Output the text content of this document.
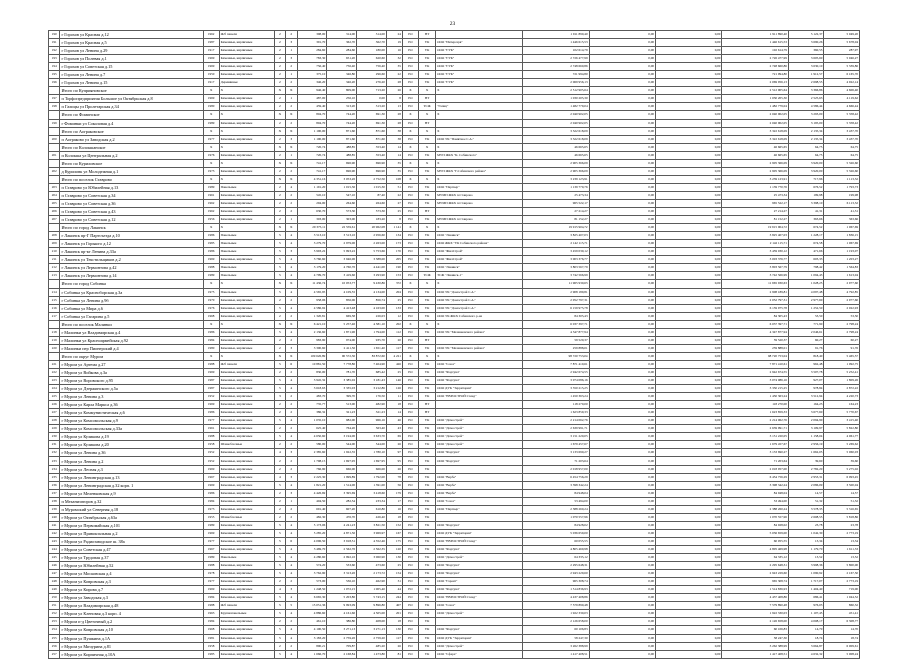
23
190	г Горохов ул Красная д.12	1962	Ж/б панели	2	2	398,00	314,00	314,00	24	РО	НТ		1 911 890,40	0,00	0,00	1 911 890,40	5 122,37	5 049,20
191	г Горохов ул Красная д.5	1987	Каменные, кирпичные	2	3	391,70	362,70	362,70	19	РО	УК	ООО "Интерсерв"	1 446 615,53	0,00	0,00	1 446 615,53	3 690,26	5 678,04
192	г Горохов ул Ленина д.29	1917	Каменные, кирпичные	2	1	284,60	284,60	180,00	16	РО	УК	ООО "ГУК"	102 614,79	0,00	0,00	102 614,79	360,55	287,97
193	г Горохов ул Полевая д.1	1969	Каменные, кирпичные	2	3	783,30	651,20	620,60	32	РО	УК	ООО "ГУК"	2 726 477,99	0,00	0,00	2 726 477,99	3 605,60	5 046,27
194	г Горохов ул Советская д.15	1969	Каменные, кирпичные	2	2	756,40	756,40	756,40	35	РО	УК	ООО "ГУК"	2 748 660,86	0,00	0,00	2 748 660,86	3 630,10	5 339,86
195	г Горохов ул Ленина д.7	1950	Каменные, кирпичные	2	1	375,10	346,80	296,60	22	РО	УК	ООО "ГУК"	721 994,80	0,00	0,00	721 994,80	1 912,57	6 165,70
196	г Горохов ул Ленина д.15	1917	Деревянные	2	2	346,20	346,20	276,20	28	РО	УК	ООО "ГУК"	2 069 956,13	0,00	0,00	2 069 956,13	2 698,55	4 922,14
	Итого по Куприяновское	Х	Х	Х	Х	946,40	809,00	713,20	26	Х	Х	Х	2 512 905,64	0,00	0,00	2 512 905,64	3 366,86	4 606,40
197	п Торфопредприятия Большое ул Октябрьская д.8	1969	Каменные, кирпичные	2	1	487,00	256,10	0,00	8	РО	НТ		1 030 205,30	0,00	0,00	1 030 205,30	2 525,63	4 119,62
198	п Галицы ул Пролетарская д.34	1980	Каменные, кирпичные	2	2	459,40	313,20	313,20	13	РО	ТСЖ	"Галиц"	1 482 779,04	0,00	0,00	1 482 779,04	4 586,44	4 666,44
	Итого по Фоминское	Х	Х	Х	Х	804,70	744,20	691,30	28	Х	Х	Х	2 040 902,05	0,00	0,00	2 040 902,05	3 293,00	5 358,42
199	г Фоминки ул Соколовая д.4	1989	Каменные, кирпичные	2	2	804,70	744,20	691,30	28	РО	НТ		2 040 902,05	0,00	0,00	2 040 902,05	3 195,00	5 358,42
	Итого по Аограковское	Х	Х	Х	Х	1 190,00	871,60	871,60	38	Х	Х	Х	3 322 618,09	0,00	0,00	3 322 618,09	2 135,34	3 437,70
200	п Аограково ул Заводская д.2	1977	Каменные, кирпичные	2	3	1 190,00	871,60	871,60	38	РО	УК	ООО УК "Памятное С.А."	3 322 618,09	0,00	0,00	3 322 618,09	2 135,34	3 437,70
	Итого по Колокшанское	Х	Х	Х	Х	720,74	488,85	353,40	14	Х	Х	Х	46 665,65	0,00	0,00	46 665,65	64,75	64,75
201	п Колокша ул Центральная д.2	1976	Каменные, кирпичные	2	1	720,74	488,85	353,40	14	РО	УК	МУП ЖКХ "К. Собинского"	46 665,65	0,00	0,00	46 665,65	64,75	64,75
	Итого по Куриловское	Х	Х	Х	Х	741,17	696,90	696,90	35	Х	Х	Х	2 905 366,09	0,00	0,00	2 905 366,09	3 920,00	5 326,60
202	д Куриловк ул Молодежная д.1	1973	Каменные, кирпичные	2	2	741,17	696,90	696,90	35	РО	УК	МУП ЖКХ "Г.Собинского района"	2 905 366,09	0,00	0,00	2 905 366,09	3 920,00	5 326,60
	Итого по поселок Ставрово	Х	Х	Х	Х	4 351,16	3 053,20	2 752,50	108	Х	Х	Х	3 239 123,91	0,00	0,00	3 239 123,91	717,96	1 113,32
203	п Ставрово ул Юбилейная д.13	1989	Панельные	2	4	1 191,20	1 015,30	1 015,30	51	РО	УК	ООО "Партнер"	1 139 770,76	0,00	0,00	1 139 770,76	676,52	1 793,73
204	п Ставрово ул Советская д.34	1961	Каменные, кирпичные	2	2	545,10	547,10	87,40	22	РО	УК	МУМП ЖКХ п.Ставрово	25 473,34	0,00	0,00	25 473,34	199,98	199,98
205	п Ставрово ул Советская д.36	1962	Каменные, кирпичные	2	2	294,00	264,60	264,60	27	РО	УК	МУМП ЖКХ п.Ставрово	965 522,17	0,00	0,00	965 522,17	3 398,10	6 113,32
206	п Ставрово ул Советская д.43	1962	Каменные, кирпичные	2	2	630,70	573,30	573,30	25	РО	НТ		27 214,27	0,00	0,00	27 214,27	41,31	41,31
207	п Ставрово ул Советская д.12	1956	Каменные, кирпичные	2	1	303,00	303,00	183,20	8	РО	УК	МУМП ЖКХ п.Ставрово	81 152,27	0,00	0,00	81 152,27	363,66	363,66
	Итого по город Лакинск	Х	Х	Х	Х	29 375,11	22 559,61	20 962,08	1 141	Х	Х	Х	19 915 904,72	0,00	0,00	19 915 904,72	674,52	1 067,69
208	г Лакинск пр-Г Партсъезда д.10	1986	Панельные	5	4	3 513,10	3 513,10	2 956,60	134	РО	УК	ООО "Лакинск"	3 825 407,03	0,00	0,00	3 825 407,03	1 228,17	1 836,15
209	г Лакинск ул Горького д.12	1985	Панельные	5	4	3 279,70	2 979,00	2 263,00	173	РО	УК	ООО ЖКХ "УК Собинского района"	2 142 115,71	0,00	0,00	2 142 115,71	674,58	1 067,69
210	г Лакинск пр-кт Ленина д.33а	1986	Панельные	5	3	5 993,22	5 993,22	5 753,66	176	РО	УК	ООО "ЖилСтрой"	3 459 030,12	0,00	0,00	3 459 030,12	471,66	1 193,07
211	г Лакинск ул Текстильщиков д.2	1969	Каменные, кирпичные	5	4	3 760,60	3 946,00	3 388,00	205	РО	УК	ООО "ЖилСтрой"	3 003 376,77	0,00	0,00	3 003 376,77	603,33	1 203,27
212	г Лакинск ул Лермонтова д.42	1988	Панельные	5	4	3 179,20	4 760,70	4 441,00	190	РО	УК	ООО "Лакинск"	3 803 567,79	0,00	0,00	3 803 567,79	798,42	1 564,83
213	г Лакинск ул Лермонтова д.14	1989	Панельные	5	4	4 799,70	3 419,60	3 293,90	153	РО	ТСЖ	ТСЖ "Лакинск-1"	3 742 566,99	0,00	0,00	3 742 566,99	1 094,43	1 613,04
	Итого по город Собинка	Х	Х	Х	Х	11 436,74	10 053,77	9 430,86	372	Х	Х	Х	11 965 930,63	0,00	0,00	11 965 930,63	1 028,25	2 977,60
214	г Собинка ул Красноборская д.3а	1975	Панельные	5	4	4 565,95	4 109,55	4 134,00	204	РО	УК	ООО УК "Домострой С.А."	2 908 189,81	0,00	0,00	2 908 189,81	4 097,48	4 792,85
215	г Собинка ул Ленина д.9б	1970	Каменные, кирпичные	2	2	958,06	856,06	856,74	25	РО	УК	ООО УК "Домострой С.А."	2 052 797,31	0,00	0,00	2 052 797,31	2 977,60	2 977,60
216	г Собинка ул Мира д.6	1976	Каменные, кирпичные	5	4	4 586,92	4 413,48	4 163,00	133	РО	УК	ООО УК "Домострой С.А."	6 159 975,78	0,00	0,00	6 159 975,78	1 252,50	2 022,93
217	г Собинка ул Гагарина д.5	1968	Каменные, кирпичные	2	2	1 320,81	669,58	226,03	12	РО	УК	ООО УК ЖКХ Собинского р-на	84 305,43	0,00	0,00	84 305,43	53,50	53,50
	Итого по поселок Малинки	Х	Х	Х	Х	6 421,10	5 257,40	4 381,10	202	Х	Х	Х	6 037 397,71	0,00	0,00	6 037 397,71	771,90	2 798,24
218	г Малинки ул Владимирская д.4	1986	Каменные, кирпичные	5	4	2 136,60	1 871,90	1 794,00	112	РО	УК	ООО УК "Меленковского района"	4 347 877,94	0,00	0,00	4 347 877,94	2 046,61	2 798,24
219	г Малинки ул Красноармейская д.92	1984	Каменные, кирпичные	2	2	983,90	974,00	935,70	20	РО	НТ		59 520,37	0,00	0,00	59 520,37	60,27	60,27
220	г Малинки пер Пионерский д.4	1980	Каменные, кирпичные	2	3	3 300,60	2 411,50	1 651,40	117	РО	УК	ООО УК "Меленковского района"	259 888,01	0,00	0,00	259 888,01	91,76	91,76
	Итого по округ Муром	Х	Х	Х	Х	109 626,89	90 572,30	83 872,60	4 221	Х	Х	Х	98 720 753,04	0,00	0,00	98 720 753,04	818,40	5 465,57
221	г Муром ул Артема д.27	1988	Ж/б панели	5	6	10 881,50	7 778,80	7 404,90	426	РО	УК	ООО "Союз"	7 871 410,61	0,00	0,00	7 871 410,61	962,48	1 092,75
222	г Муром ул Войкова д.3а	1969	Каменные, кирпичные	2	2	830,00	781,70	685,42	25	РО	УК	ООО "Фортуна"	2 942 674,55	0,00	0,00	2 942 674,55	3 507,78	5 252,41
223	г Муром ул Воровского д.95	1987	Каменные, кирпичные	5	4	3 945,32	3 385,02	3 181,43	146	РО	УК	ООО "Фортуна"	3 074 086,16	0,00	0,00	3 074 086,16	927,07	1 809,26
224	г Муром ул Дзержинского д.5а	1987	Каменные, кирпичные	5	4	3 618,63	3 335,03	3 212,86	126	РО	УК	ООО ДУК "Территория"	3 350 215,25	0,00	0,00	3 350 215,25	978,84	2 872,22
225	г Муром ул Ленина д.3	1952	Каменные, кирпичные	3	2	483,70	399,70	176,50	11	РО	УК	ООО "ЕВРОСТРОЙ Стенд"	1 450 363,24	0,00	0,00	1 450 363,24	3 512,94	4 220,73
226	г Муром ул Карла Маркса д.36	1969	Каменные, кирпичные	2	2	735,77	513,00	482,90	18	РО	НТ		118 270,00	0,00	0,00	118 270,00	164,23	164,23
227	г Муром ул Коммунистическая д.6	1986	Каменные, кирпичные	2	2	386,32	321,23	321,23	14	РО	НТ		1 623 859,33	0,00	0,00	1 623 859,33	3 677,60	5 770,67
228	г Муром ул Комсомольская д.9	1977	Каменные, кирпичные	5	4	1 035,10	982,00	966,16	46	РО	УК	ООО "Домострой"	2 214 062,76	0,00	0,00	2 214 062,76	2 094,90	3 415,40
229	г Муром ул Комсомольская д.33а	1961	Каменные, кирпичные	2	2	625,40	764,20	563,40	43	РО	УК	ООО "Домострой"	2 639 991,71	0,00	0,00	2 639 991,71	3 109,97	5 822,80
230	г Муром ул Куликова д.19	1988	Каменные, кирпичные	5	4	4 650,60	3 194,00	3 633,70	69	РО	УК	ООО "Домострой"	3 151 220,05	0,00	0,00	3 151 220,05	1 158,04	4 061,77
231	г Муром ул Куликова д.20	1958	Шлакоблочные	2	2	580,00	544,00	544,00	26	РО	УК	ООО "Домострой"	1 679 457,67	0,00	0,00	1 679 457,67	2 956,19	5 269,62
232	г Муром ул Ленина д.36	1952	Каменные, кирпичные	4	3	2 385,60	1 922,35	1 780,10	97	РО	УК	ООО "Фортуна"	3 133 690,27	0,00	0,00	3 133 690,27	1 662,05	5 060,03
233	г Муром ул Ленина д.2	1952	Каменные, кирпичные	2	2	1 798,15	1 697,95	1 697,95	95	РО	УК	ООО "Фортуна"	71 203,64	0,00	0,00	71 203,64	39,60	39,60
234	г Муром ул Лесная д.3	1969	Каменные, кирпичные	2	2	766,90	666,00	666,00	26	РО	УК		2 018 957,00	0,00	0,00	2 018 957,00	2 782,20	5 275,02
235	г Муром ул Ленинградская д.13	1967	Каменные, кирпичные	4	3	2 225,30	1 999,89	1 792,00	78	РО	УК	ООО "Верба"	6 454 756,29	0,00	0,00	6 454 756,29	2 953,31	6 093,45
236	г Муром ул Ленинградская д.32 корп. 1	1969	Каменные, кирпичные	5	4	1 821,20	1 514,00	1 391,00	56	РО	УК	ООО "Верба"	3 398 342,24	0,00	0,00	3 398 342,24	2 086,09	3 500,04
237	г Муром ул Меленковская д.9	1986	Каменные, кирпичные	2	3	4 426,69	3 395,69	3 418,60	179	РО	УК	ООО "Верба"	84 948,04	0,00	0,00	84 948,04	14,57	14,57
238	п Механизаторов д.32	1984	Каменные, кирпичные	2	1	404,50	282,54	233,34	17	РО	УК	ООО "Союз"	53 494,00	0,00	0,00	53 494,00	51,32	51,32
239	п Муромский ул Северная д.18	1973	Каменные, кирпичные	2	2	691,40	607,20	610,80	16	РО	УК	ООО "Партнер"	2 388 260,24	0,00	0,00	2 388 260,24	3 578,35	5 316,65
240	г Муром ул Октябрьская д.63а	1955	Шлакоблочные	2	2	482,30	476,70	426,40	18	РО	УК		1 070 557,96	0,00	0,00	1 070 557,96	2 608,55	5 818,86
241	г Муром ул Первомайская д.101	1989	Каменные, кирпичные	5	4	5 173,06	4 241,23	3 821,50	152	РО	УК	ООО "Фортуна"	84 928,02	0,00	0,00	84 928,02	23,78	23,78
242	г Муром ул Привокзальная д.2	1969	Каменные, кирпичные	5	4	5 285,20	4 871,50	3 969,97	167	РО	УК	ООО ДУК "Территория"	5 036 659,00	0,00	0,00	5 036 659,00	1 042,30	2 773,19
243	г Муром ул Радиозаводское ш. 38а	1977	Каменные, кирпичные	5	6	4 096,50	3 918,51	4 352,46	175	РО	УК	ООО "ЕВРОСТРОЙ Стенд"	60 055,55	0,00	0,00	60 055,55	13,34	13,34
244	г Муром ул Советская д.47	1967	Каменные, кирпичные	5	4	3 469,70	2 562,70	2 562,35	120	РО	УК	ООО "Фортуна"	4 805 469,98	0,00	0,00	4 805 469,98	1 179,70	1 611,33
245	г Муром ул Трудовая д.37	1989	Панельные	5	4	4 280,60	2 992,10	3 060,90	130	РО	УК	ООО "Домострой"	64 335,12	0,00	0,00	64 335,12	13,52	13,52
246	г Муром ул Юбилейная д.52	1988	Каменные, кирпичные	5	4	574,20	533,60	473,60	25	РО	УК	ООО "Фортуна"	2 295 648,31	0,00	0,00	2 295 648,31	3 998,36	5 800,00
247	г Муром ул Московская д.4	1978	Каменные, кирпичные	5	4	3 762,90	3 313,20	2 173,72	154	РО	УК	ООО "Фортуна"	2 943 229,60	0,00	0,00	2 943 229,60	1 090,92	2 167,50
248	г Муром ул Ковровская д.3	1977	Каменные, кирпичные	2	2	573,00	536,10	462,90	31	РО	УК	ООО "Гарант"	965 308,74	0,00	0,00	965 308,74	1 717,07	2 773,19
249	г Муром ул Кирова д.7	1969	Каменные, кирпичные	4	3	1 248,50	1 072,15	1 005,40	44	РО	УК	ООО "Фортуна"	1 514 836,93	0,00	0,00	1 514 836,93	1 404,40	719,00
250	г Муром ул Заводская д.3	1984	Каменные, кирпичные	5	4	6 665,30	5 203,80	5 743,15	244	РО	УК	ООО "ЕВРОСТРОЙ Стенд"	4 437 408,86	0,00	0,00	4 437 408,86	686,41	1 044,52
251	г Муром ул Владимирская д.48	1988	Ж/б панели	5	5	15 051,36	9 993,09	9 896,80	407	РО	УК	ООО "Союз"	7 579 890,48	0,00	0,00	7 579 890,48	976,03	860,32
252	г Муром ул Кленовая д.3 корп. 4	1963	Крупнопанельные	5	4	4 886,60	4 161,60	4 505,00	201	РО	УК	ООО "Домострой"	1 922 330,03	0,00	0,00	1 922 330,03	1 107,45	451,41
253	г Муром п-д Цветочный д.2	1984	Каменные, кирпичные	2	2	461,10	386,80	408,00	18	РО	УК		2 126 658,00	0,00	0,00	2 126 658,00	4 008,17	6 308,77
254	г Муром ул Ковровская д.10	1968	Каменные, кирпичные	5	4	4 100,50	3 271,13	3 271,13	130	РО	УК	ООО "Фортуна"	60 106,83	0,00	0,00	60 106,83	14,70	14,70
255	г Муром ул Пушкина д.1А	1981	Каменные, кирпичные	5	4	3 183,20	2 759,20	2 759,20	117	РО	УК	ООО ДУК "Территория"	58 247,30	0,00	0,00	58 247,30	18,74	18,74
256	г Муром ул Мичурина д.81	1958	Каменные, кирпичные	2	2	890,21	709,87	485,20	26	РО	УК	ООО "Домострой"	3 262 388,99	0,00	0,00	3 262 388,99	3 664,87	6 009,61
257	г Муром ул Кирпичная д.10А	1985	Каменные, кирпичные	5	4	1 666,70	2 168,84	1 473,80	81	РО	УК	ООО "Сфера"	1 417 408,51	0,00	0,00	1 417 408,51	4 632,32	5 008,24
